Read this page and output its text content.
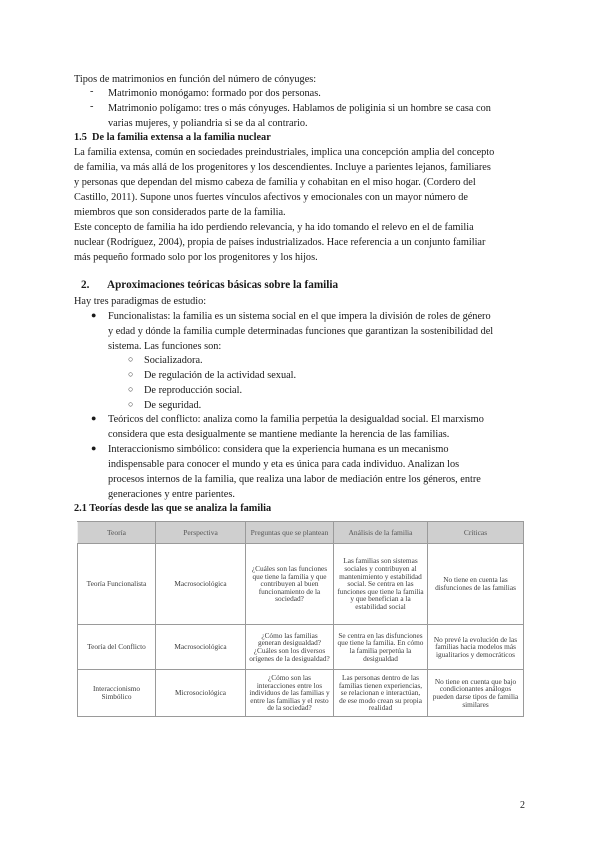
Tipos de matrimonios en función del número de cónyuges:
- Matrimonio monógamo: formado por dos personas.
- Matrimonio polígamo: tres o más cónyuges. Hablamos de poliginia si un hombre se casa con
varias mujeres, y poliandria si se da al contrario.
1.5 De la familia extensa a la familia nuclear
La familia extensa, común en sociedades preindustriales, implica una concepción amplia del concepto
de familia, va más allá de los progenitores y los descendientes. Incluye a parientes lejanos, familiares
y personas que dependan del mismo cabeza de familia y cohabitan en el miso hogar. (Cordero del
Castillo, 2011). Supone unos fuertes vínculos afectivos y emocionales con un mayor número de
miembros que son considerados parte de la familia.
Este concepto de familia ha ido perdiendo relevancia, y ha ido tomando el relevo en el de familia
nuclear (Rodríguez, 2004), propia de países industrializados. Hace referencia a un conjunto familiar
más pequeño formado solo por los progenitores y los hijos.
2. Aproximaciones teóricas básicas sobre la familia
Hay tres paradigmas de estudio:
● Funcionalistas: la familia es un sistema social en el que impera la división de roles de género
y edad y dónde la familia cumple determinadas funciones que garantizan la sostenibilidad del
sistema. Las funciones son:
○ Socializadora.
○ De regulación de la actividad sexual.
○ De reproducción social.
○ De seguridad.
● Teóricos del conflicto: analiza como la familia perpetúa la desigualdad social. El marxismo
considera que esta desigualmente se mantiene mediante la herencia de las familias.
● Interaccionismo simbólico: considera que la experiencia humana es un mecanismo
indispensable para conocer el mundo y eta es única para cada individuo. Analizan los
procesos internos de la familia, que realiza una labor de mediación entre los géneros, entre
generaciones y entre parientes.
2.1 Teorías desde las que se analiza la familia
Teoría	Perspectiva	Preguntas que se plantean	Análisis de la familia	Críticas
Teoría Funcionalista	Macrosociológica	¿Cuáles son las funciones que tiene la familia y que contribuyen al buen funcionamiento de la sociedad?	Las familias son sistemas sociales y contribuyen al mantenimiento y estabilidad social. Se centra en las funciones que tiene la familia y que benefician a la estabilidad social	No tiene en cuenta las disfunciones de las familias
Teoría del Conflicto	Macrosociológica	¿Cómo las familias generan desigualdad? ¿Cuáles son los diversos orígenes de la desigualdad?	Se centra en las disfunciones que tiene la familia. En cómo la familia perpetúa la desigualdad	No prevé la evolución de las familias hacia modelos más igualitarios y democráticos
Interaccionismo Simbólico	Microsociológica	¿Cómo son las interacciones entre los individuos de las familias y entre las familias y el resto de la sociedad?	Las personas dentro de las familias tienen experiencias, se relacionan e interactúan, de ese modo crean su propia realidad	No tiene en cuenta que bajo condicionantes análogos pueden darse tipos de familia similares
2
